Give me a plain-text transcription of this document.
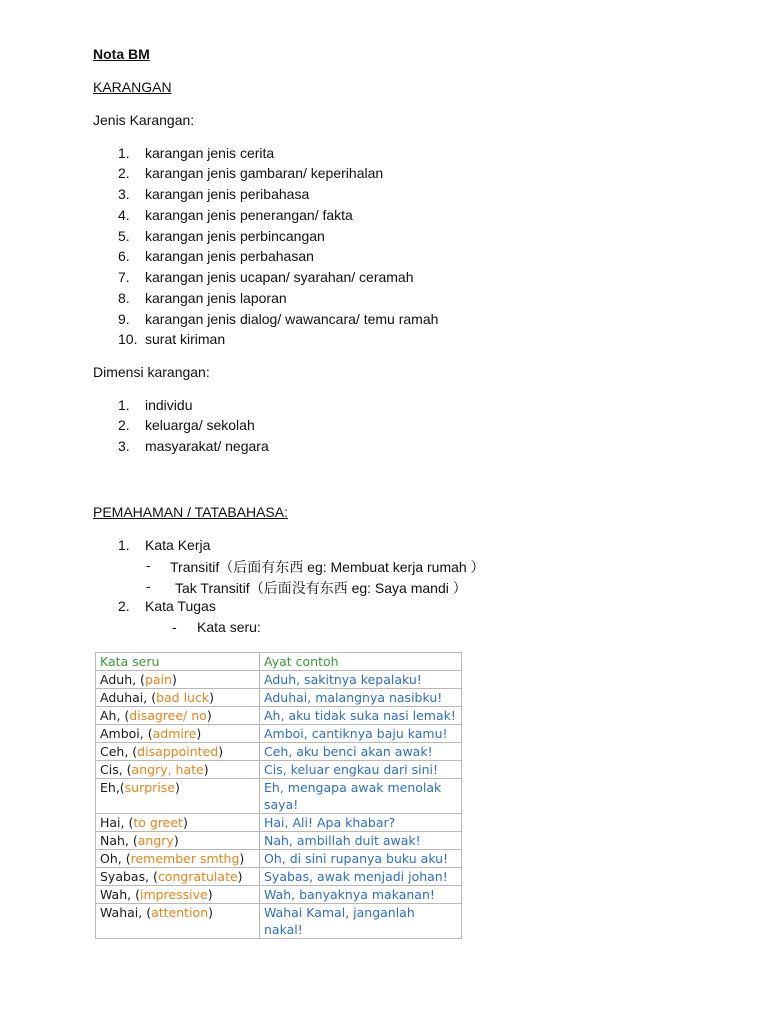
Nota BM
KARANGAN
Jenis Karangan:
1.	karangan jenis cerita
2.	karangan jenis gambaran/ keperihalan
3.	karangan jenis peribahasa
4.	karangan jenis penerangan/ fakta
5.	karangan jenis perbincangan
6.	karangan jenis perbahasan
7.	karangan jenis ucapan/ syarahan/ ceramah
8.	karangan jenis laporan
9.	karangan jenis dialog/ wawancara/ temu ramah
10. surat kiriman
Dimensi karangan:
1.	individu
2.	keluarga/ sekolah
3.	masyarakat/ negara
PEMAHAMAN / TATABAHASA:
1.	Kata Kerja
- Transitif（后面有东西 eg: Membuat kerja rumah ）
- Tak Transitif（后面没有东西 eg: Saya mandi ）
2.	Kata Tugas
- Kata seru:
Kata seru	Ayat contoh
Aduh, (pain)	Aduh, sakitnya kepalaku!
Aduhai, (bad luck)	Aduhai, malangnya nasibku!
Ah, (disagree/ no)	Ah, aku tidak suka nasi lemak!
Amboi, (admire)	Amboi, cantiknya baju kamu!
Ceh, (disappointed)	Ceh, aku benci akan awak!
Cis, (angry, hate)	Cis, keluar engkau dari sini!
Eh,(surprise)	Eh, mengapa awak menolak saya!
Hai, (to greet)	Hai, Ali! Apa khabar?
Nah, (angry)	Nah, ambillah duit awak!
Oh, (remember smthg)	Oh, di sini rupanya buku aku!
Syabas, (congratulate)	Syabas, awak menjadi johan!
Wah, (impressive)	Wah, banyaknya makanan!
Wahai, (attention)	Wahai Kamal, janganlah nakal!
